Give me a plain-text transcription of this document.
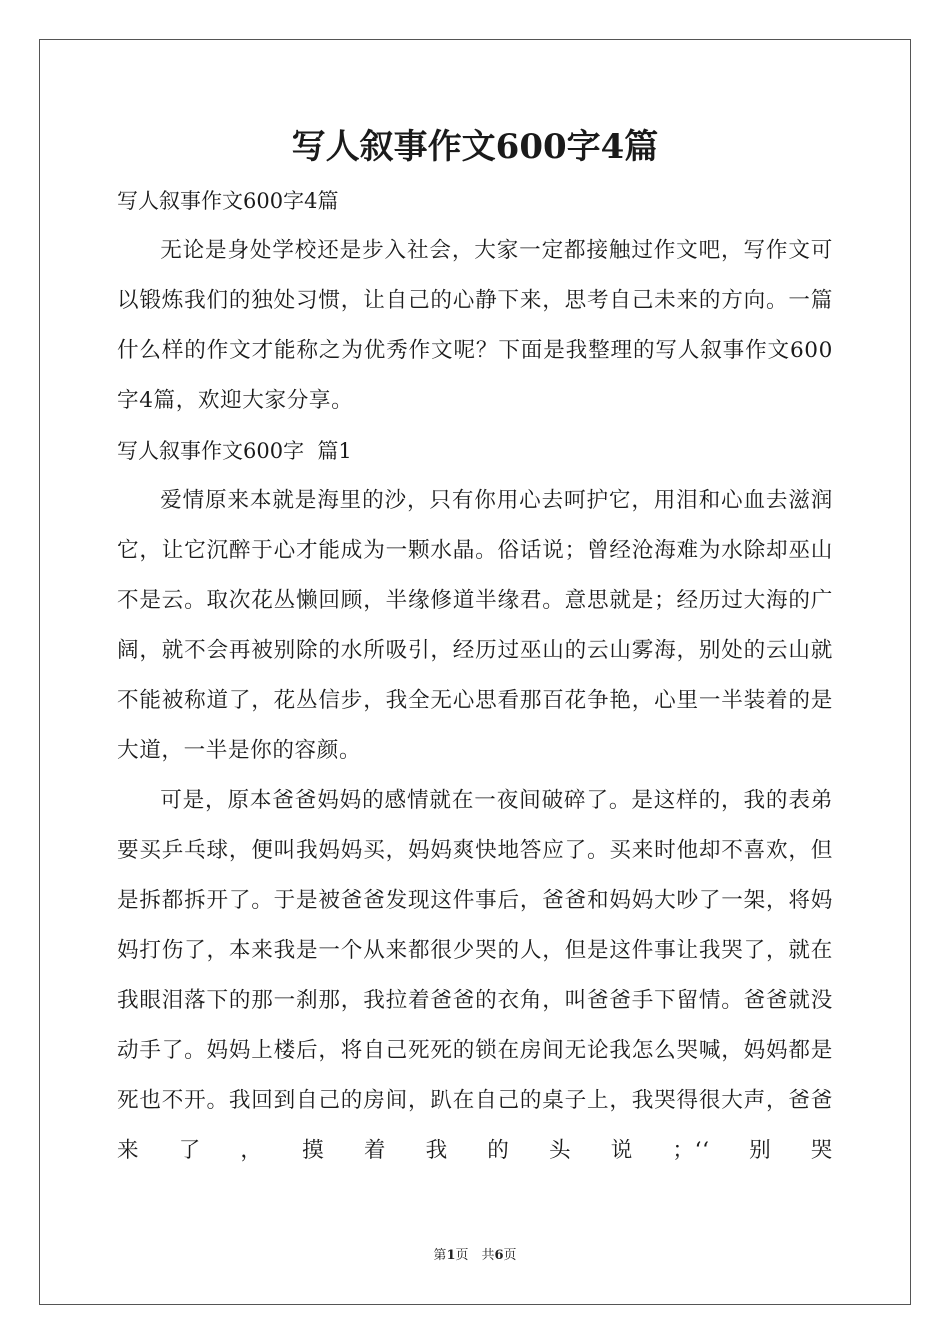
写人叙事作文600字4篇

写人叙事作文600字4篇

无论是身处学校还是步入社会，大家一定都接触过作文吧，写作文可以锻炼我们的独处习惯，让自己的心静下来，思考自己未来的方向。一篇什么样的作文才能称之为优秀作文呢？下面是我整理的写人叙事作文600字4篇，欢迎大家分享。

写人叙事作文600字  篇1

爱情原来本就是海里的沙，只有你用心去呵护它，用泪和心血去滋润它，让它沉醉于心才能成为一颗水晶。俗话说；曾经沧海难为水除却巫山不是云。取次花丛懒回顾，半缘修道半缘君。意思就是；经历过大海的广阔，就不会再被别除的水所吸引，经历过巫山的云山雾海，别处的云山就不能被称道了，花丛信步，我全无心思看那百花争艳，心里一半装着的是大道，一半是你的容颜。

可是，原本爸爸妈妈的感情就在一夜间破碎了。是这样的，我的表弟要买乒乓球，便叫我妈妈买，妈妈爽快地答应了。买来时他却不喜欢，但是拆都拆开了。于是被爸爸发现这件事后，爸爸和妈妈大吵了一架，将妈妈打伤了，本来我是一个从来都很少哭的人，但是这件事让我哭了，就在我眼泪落下的那一刹那，我拉着爸爸的衣角，叫爸爸手下留情。爸爸就没动手了。妈妈上楼后，将自己死死的锁在房间无论我怎么哭喊，妈妈都是死也不开。我回到自己的房间，趴在自己的桌子上，我哭得很大声，爸爸来了，摸着我的头说；‘‘别哭

第1页　共6页
